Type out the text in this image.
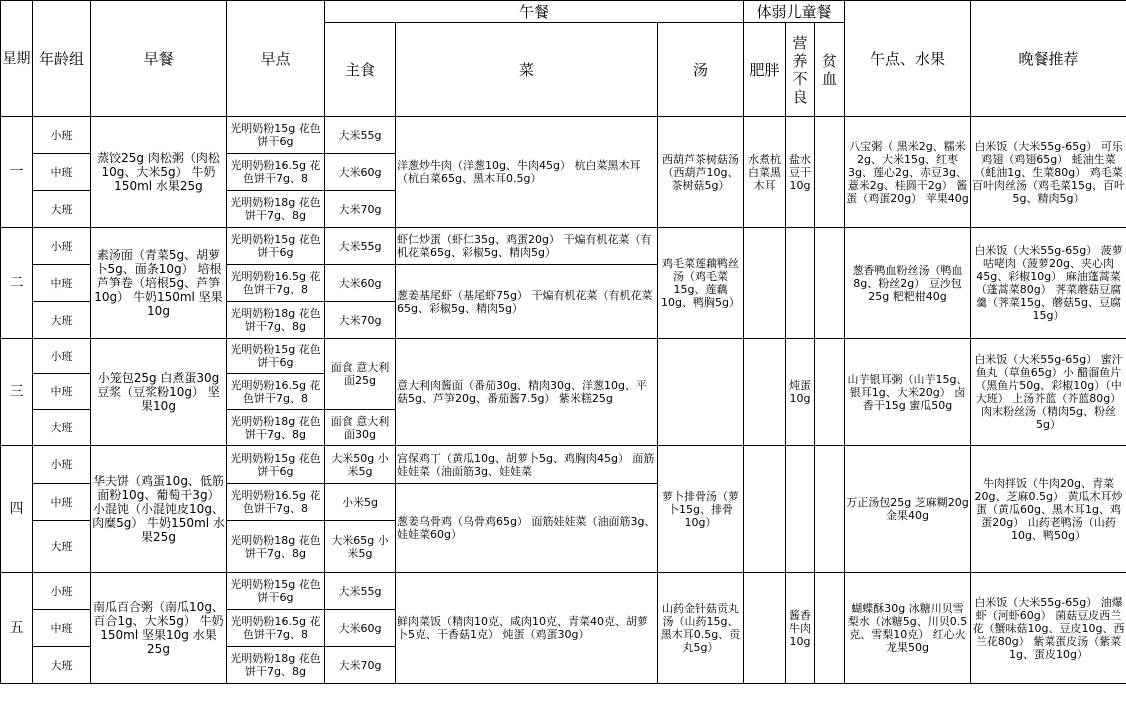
星期	年龄组	早餐	早点	午餐			体弱儿童餐			午点、水果	晚餐推荐
				主食	菜	汤	肥胖	营养不良	贫血		

一	小班	蒸饺25g 肉松粥（肉松10g、大米5g） 牛奶150ml 水果25g	光明奶粉15g 花色饼干6g	大米55g	洋葱炒牛肉（洋葱10g、牛肉45g） 杭白菜黑木耳（杭白菜65g、黑木耳0.5g）	西葫芦茶树菇汤（西葫芦10g、茶树菇5g）	水煮杭白菜黑木耳	盐水豆干10g		八宝粥（ 黑米2g、糯米2g、大米15g、红枣3g、莲心2g、赤豆3g、薏米2g、桂圆干2g） 酱蛋（鸡蛋20g） 苹果40g	白米饭（大米55g-65g） 可乐鸡翅（鸡翅65g） 蚝油生菜（蚝油1g、生菜80g） 鸡毛菜百叶肉丝汤（鸡毛菜15g、百叶5g、精肉5g）
	中班		光明奶粉16.5g 花色饼干7g、8	大米60g							
	大班		光明奶粉18g 花色饼干7g、8g	大米70g							
二	小班	素汤面（青菜5g、胡萝卜5g、面条10g） 培根芦笋卷（培根5g、芦笋10g） 牛奶150ml 坚果10g	光明奶粉15g 花色饼干6g	大米55g	虾仁炒蛋（虾仁35g、鸡蛋20g） 干煸有机花菜（有机花菜65g、彩椒5g、精肉5g）	鸡毛菜莲藕鸭丝汤（鸡毛菜15g、莲藕10g、鸭胸5g）				葱香鸭血粉丝汤（鸭血8g、粉丝2g） 豆沙包25g 粑粑柑40g	白米饭（大米55g-65g） 菠萝咕咾肉（菠萝20g、夹心肉45g、彩椒10g） 麻油蓬蒿菜（蓬蒿菜80g） 荠菜蘑菇豆腐羹（荠菜15g、蘑菇5g、豆腐15g）
	中班		光明奶粉16.5g 花色饼干7g、8	大米60g	葱姜基尾虾（基尾虾75g） 干煸有机花菜（有机花菜65g、彩椒5g、精肉5g）						
	大班		光明奶粉18g 花色饼干7g、8g	大米70g							
三	小班	小笼包25g 白煮蛋30g 豆浆（豆浆粉10g） 坚果10g	光明奶粉15g 花色饼干6g	面食 意大利面25g	意大利肉酱面（番茄30g、精肉30g、洋葱10g、平菇5g、芦笋20g、番茄酱7.5g） 紫米糕25g			炖蛋10g		山芋银耳粥（山芋15g、银耳1g、大米20g） 卤香干15g 蜜瓜50g	白米饭（大米55g-65g） 蜜汁鱼丸（草鱼65g）小 醋溜鱼片（黑鱼片50g、彩椒10g）（中大班） 上汤芥蓝（芥蓝80g） 肉末粉丝汤（精肉5g、粉丝5g）
	中班		光明奶粉16.5g 花色饼干7g、8								
	大班		光明奶粉18g 花色饼干7g、8g	面食 意大利面30g							
四	小班	华夫饼（鸡蛋10g、低筋面粉10g、葡萄干3g） 小混饨（小混饨皮10g、肉糜5g） 牛奶150ml 水果25g	光明奶粉15g 花色饼干6g	大米50g 小米5g	宫保鸡丁（黄瓜10g、胡萝卜5g、鸡胸肉45g） 面筋娃娃菜（油面筋3g、娃娃菜	萝卜排骨汤（萝卜15g、排骨10g）				万正汤包25g 芝麻糊20g 金果40g	牛肉拌饭（牛肉20g、青菜20g、芝麻0.5g） 黄瓜木耳炒蛋（黄瓜60g、黑木耳1g、鸡蛋20g） 山药老鸭汤（山药10g、鸭50g）
	中班		光明奶粉16.5g 花色饼干7g、8	小米5g	葱姜乌骨鸡（乌骨鸡65g） 面筋娃娃菜（油面筋3g、娃娃菜60g）						
	大班		光明奶粉18g 花色饼干7g、8g	大米65g 小米5g							
五	小班	南瓜百合粥（南瓜10g、百合1g、大米5g） 牛奶150ml 坚果10g 水果25g	光明奶粉15g 花色饼干6g	大米55g	鲜肉菜饭（精肉10克、咸肉10克、青菜40克、胡萝卜5克、干香菇1克） 炖蛋（鸡蛋30g）	山药金针菇贡丸汤（山药15g、黑木耳0.5g、贡丸5g）		酱香牛肉10g		蝴蝶酥30g 冰糖川贝雪梨水（冰糖5g、川贝0.5克、雪梨10克） 红心火龙果50g	白米饭（大米55g-65g） 油爆虾（河虾60g） 菌菇豆皮西兰花（蟹味菇10g、豆皮10g、西兰花80g） 紫菜蛋皮汤（紫菜1g、蛋皮10g）
	中班		光明奶粉16.5g 花色饼干7g、8	大米60g							
	大班		光明奶粉18g 花色饼干7g、8g	大米70g							
